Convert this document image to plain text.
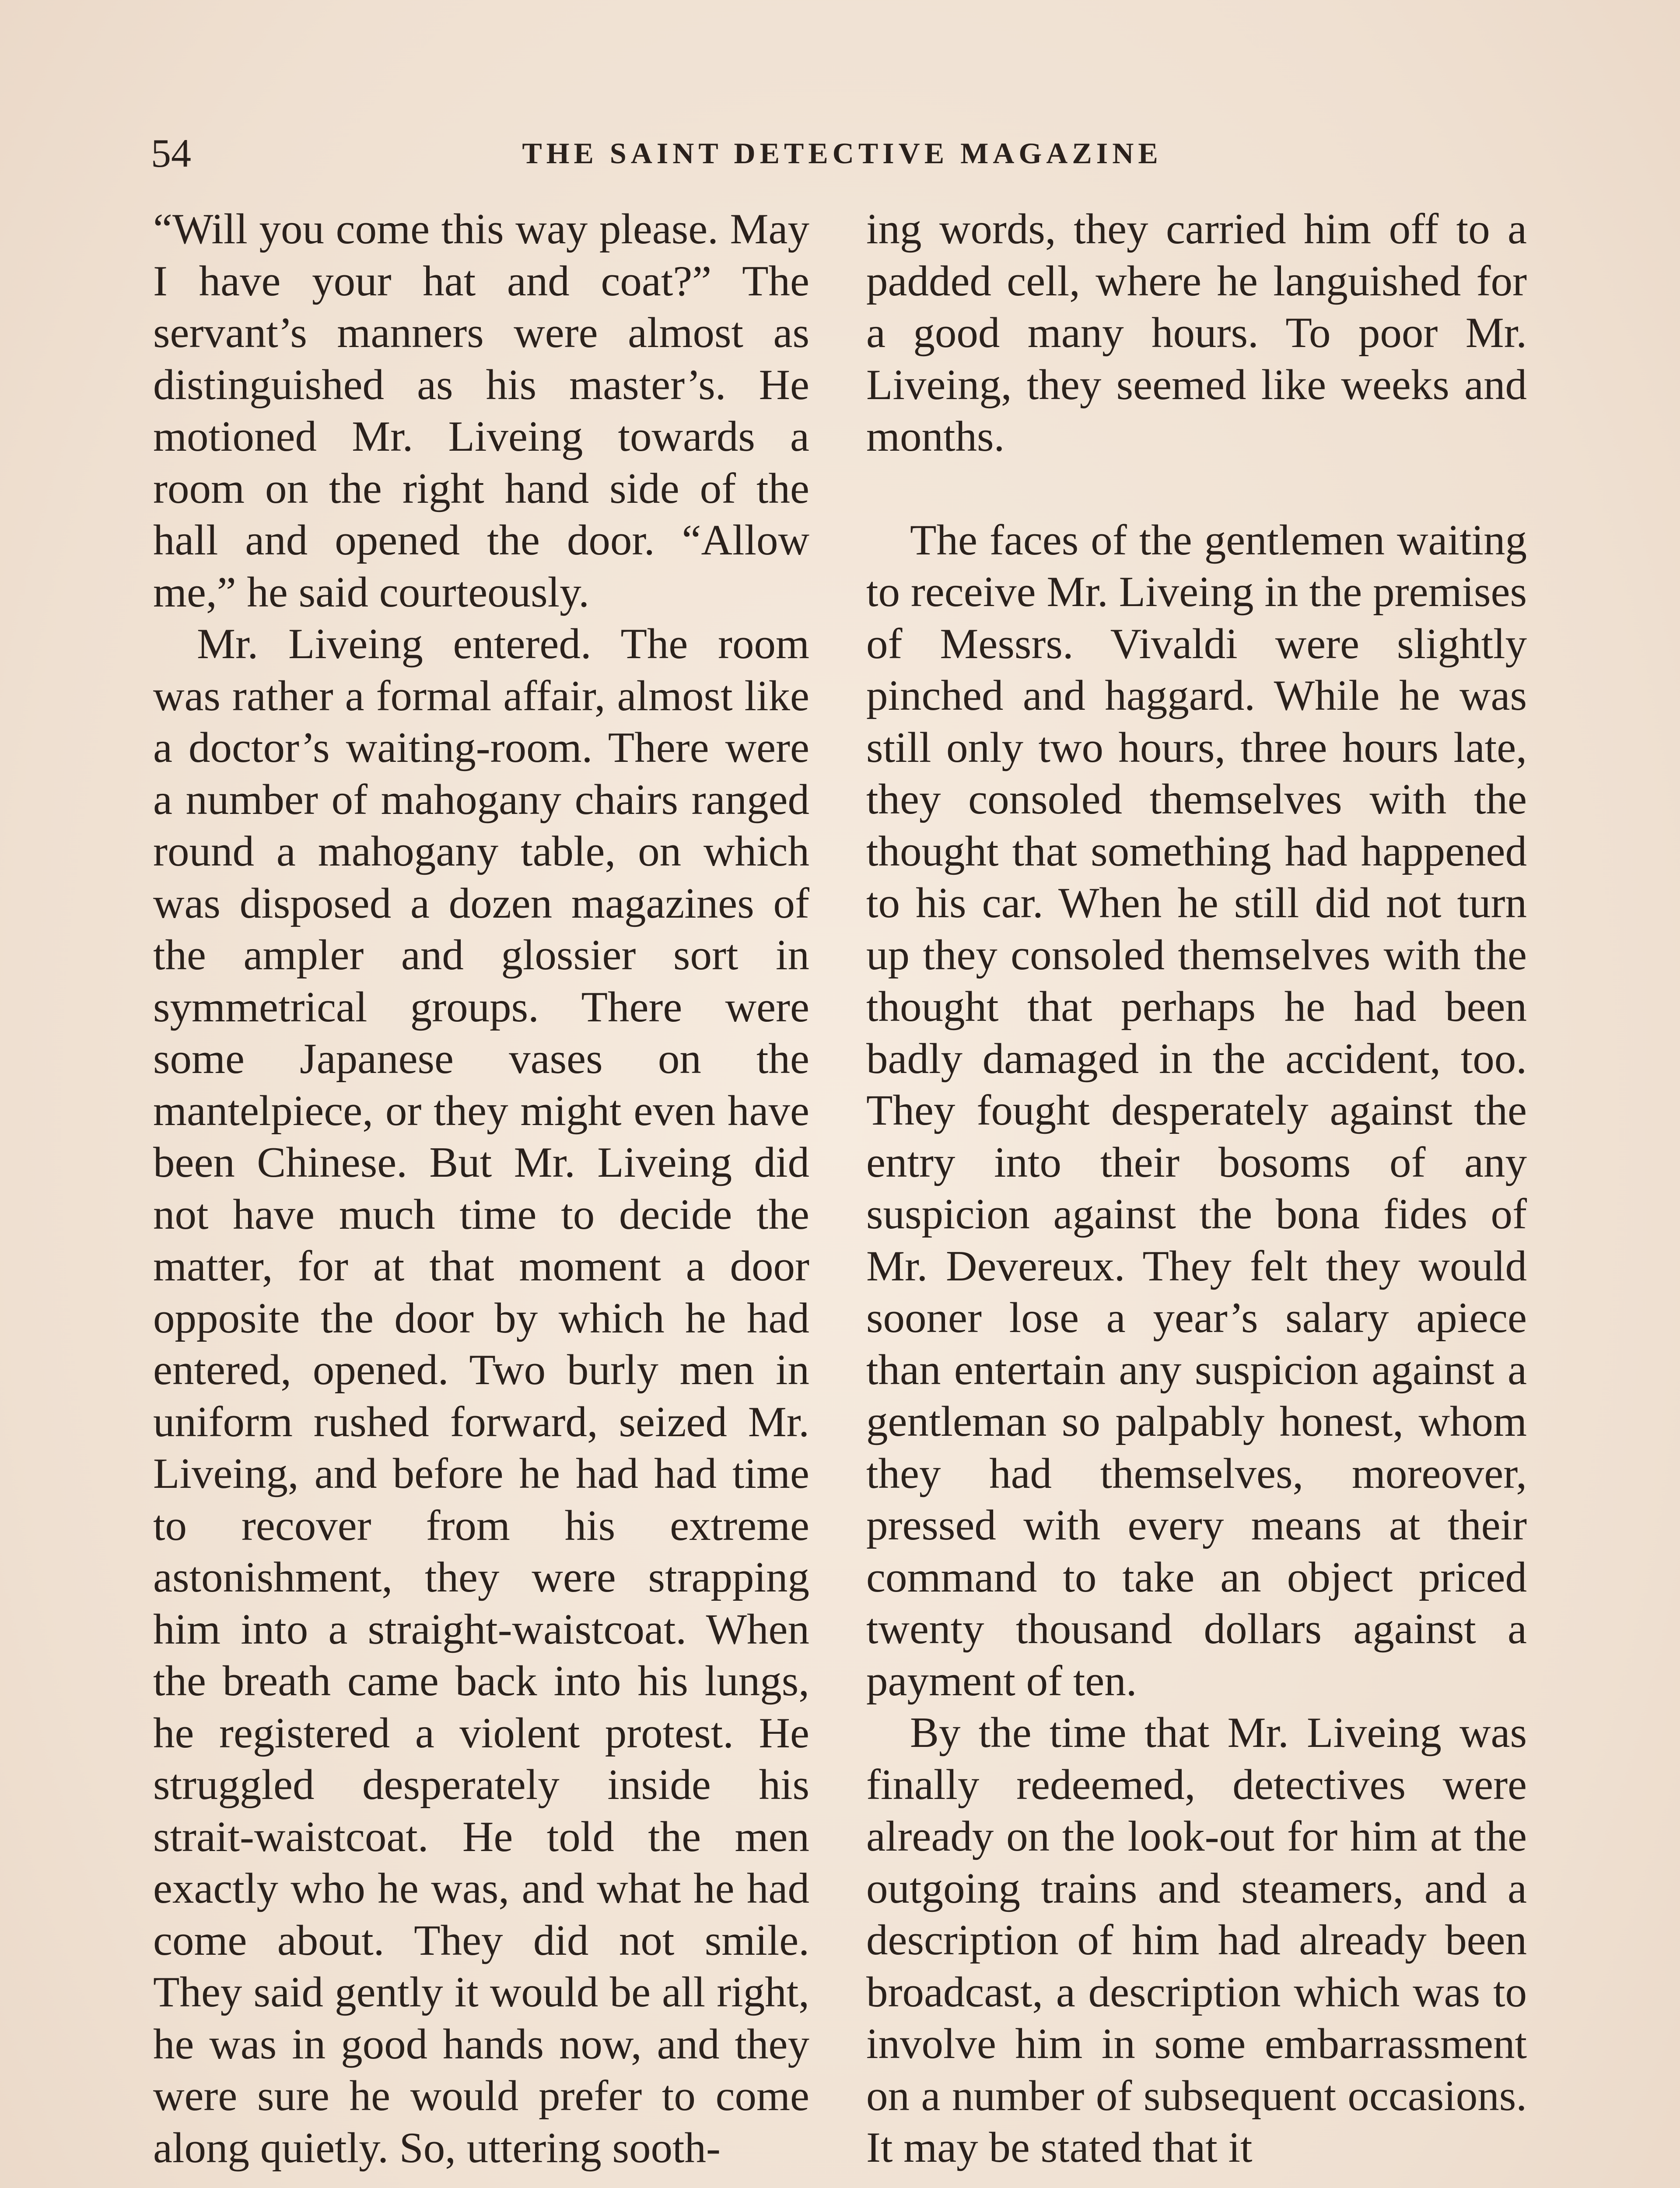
54	THE SAINT DETECTIVE MAGAZINE

“Will you come this way please. May I have your hat and coat?” The servant’s manners were almost as distinguished as his master’s. He motioned Mr. Liveing towards a room on the right hand side of the hall and opened the door. “Allow me,” he said courteously.

Mr. Liveing entered. The room was rather a formal affair, almost like a doctor’s waiting-room. There were a number of mahogany chairs ranged round a mahogany table, on which was disposed a dozen magazines of the ampler and glossier sort in symmetrical groups. There were some Japanese vases on the mantelpiece, or they might even have been Chinese. But Mr. Liveing did not have much time to decide the matter, for at that moment a door opposite the door by which he had entered, opened. Two burly men in uniform rushed forward, seized Mr. Liveing, and before he had had time to recover from his extreme astonishment, they were strapping him into a straight-waistcoat. When the breath came back into his lungs, he registered a violent protest. He struggled desperately inside his strait-waistcoat. He told the men exactly who he was, and what he had come about. They did not smile. They said gently it would be all right, he was in good hands now, and they were sure he would prefer to come along quietly. So, uttering sooth-

ing words, they carried him off to a padded cell, where he languished for a good many hours. To poor Mr. Liveing, they seemed like weeks and months.

The faces of the gentlemen waiting to receive Mr. Liveing in the premises of Messrs. Vivaldi were slightly pinched and haggard. While he was still only two hours, three hours late, they consoled themselves with the thought that something had happened to his car. When he still did not turn up they consoled themselves with the thought that perhaps he had been badly damaged in the accident, too. They fought desperately against the entry into their bosoms of any suspicion against the bona fides of Mr. Devereux. They felt they would sooner lose a year’s salary apiece than entertain any suspicion against a gentleman so palpably honest, whom they had themselves, moreover, pressed with every means at their command to take an object priced twenty thousand dollars against a payment of ten.

By the time that Mr. Liveing was finally redeemed, detectives were already on the look-out for him at the outgoing trains and steamers, and a description of him had already been broadcast, a description which was to involve him in some embarrassment on a number of subsequent occasions. It may be stated that it
